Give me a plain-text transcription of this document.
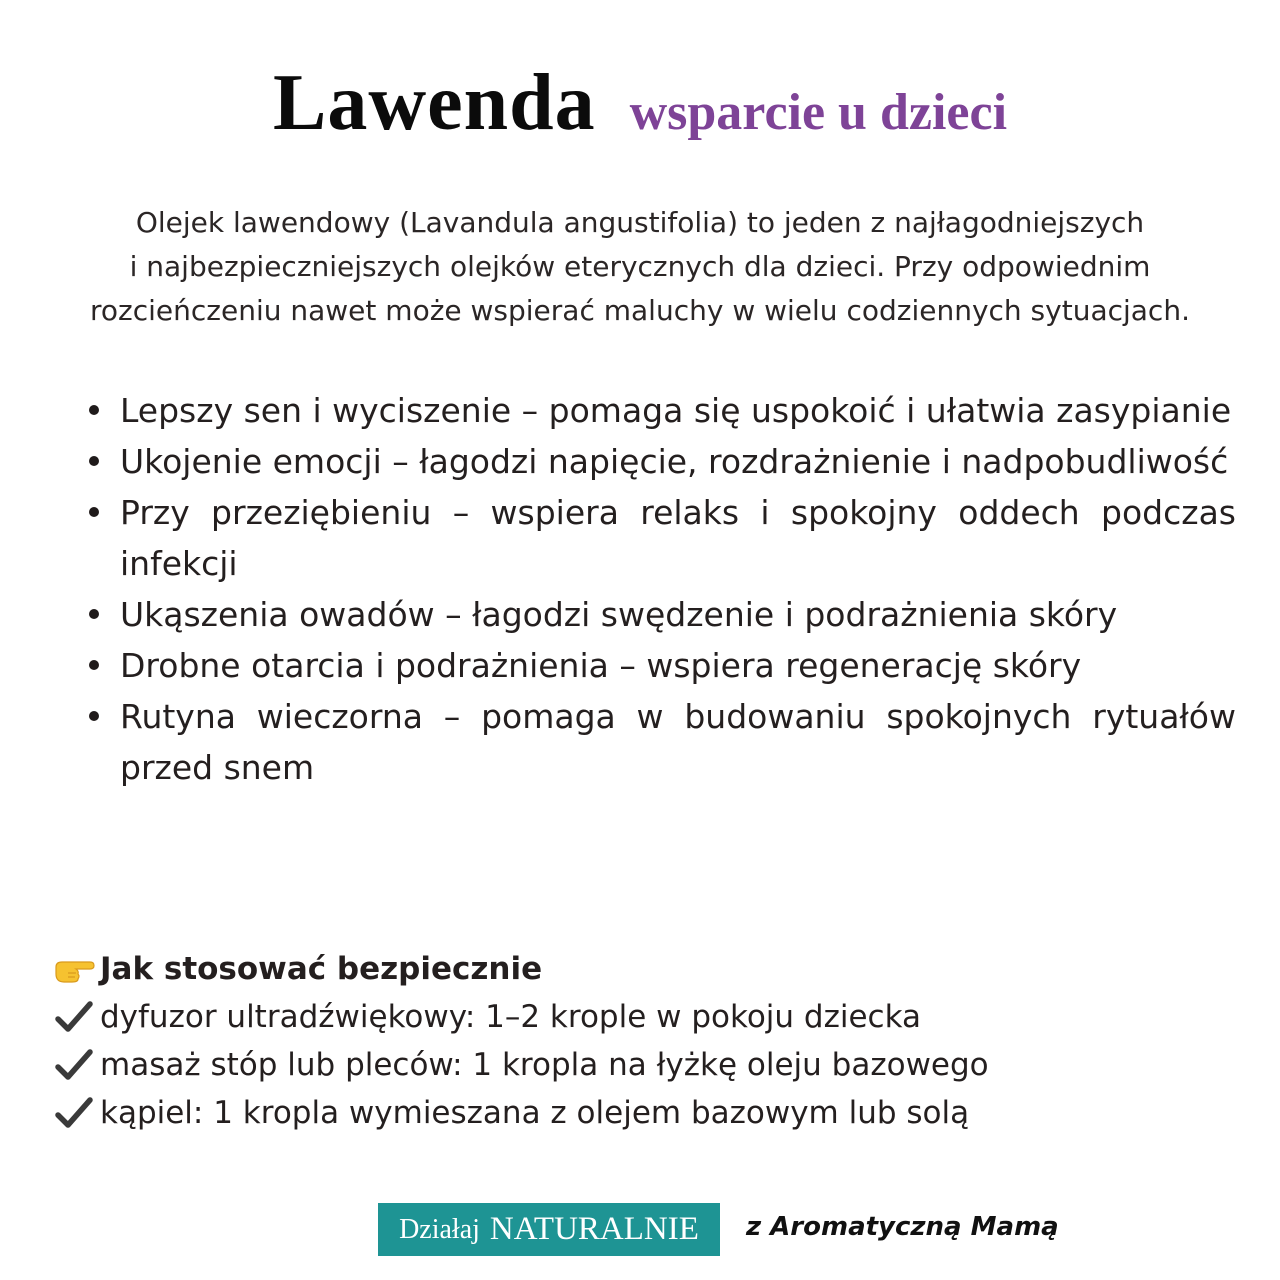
Lawenda wsparcie u dzieci
Olejek lawendowy (Lavandula angustifolia) to jeden z najłagodniejszych
i najbezpieczniejszych olejków eterycznych dla dzieci. Przy odpowiednim
rozcieńczeniu nawet może wspierać maluchy w wielu codziennych sytuacjach.
Lepszy sen i wyciszenie – pomaga się uspokoić i ułatwia zasypianie
Ukojenie emocji – łagodzi napięcie, rozdrażnienie i nadpobudliwość
Przy przeziębieniu – wspiera relaks i spokojny oddech podczas infekcji
Ukąszenia owadów – łagodzi swędzenie i podrażnienia skóry
Drobne otarcia i podrażnienia – wspiera regenerację skóry
Rutyna wieczorna – pomaga w budowaniu spokojnych rytuałów przed snem
Jak stosować bezpiecznie
dyfuzor ultradźwiękowy: 1–2 krople w pokoju dziecka
masaż stóp lub pleców: 1 kropla na łyżkę oleju bazowego
kąpiel: 1 kropla wymieszana z olejem bazowym lub solą
Działaj NATURALNIE z Aromatyczną Mamą
